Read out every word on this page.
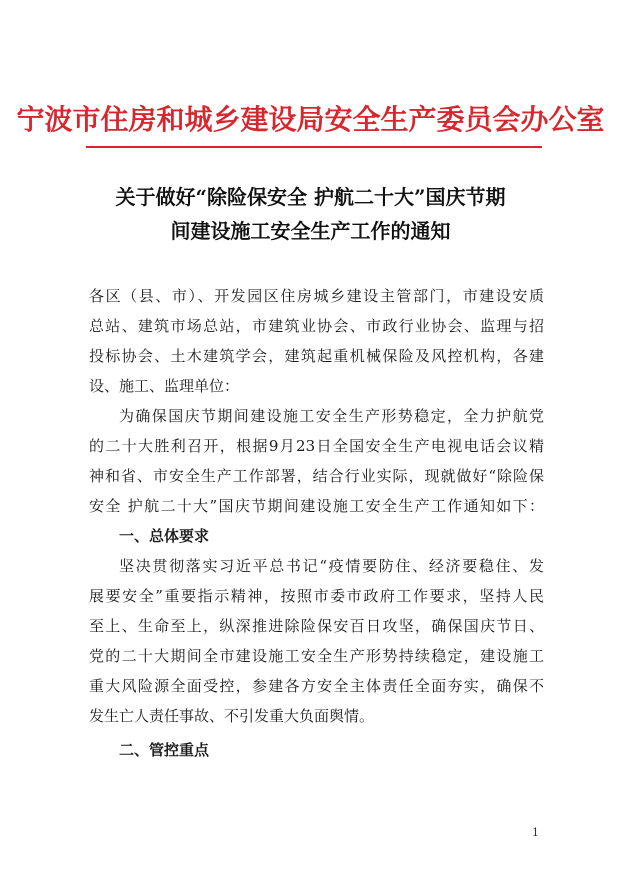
宁波市住房和城乡建设局安全生产委员会办公室
关于做好“除险保安全 护航二十大”国庆节期
间建设施工安全生产工作的通知
各区（县、市）、开发园区住房城乡建设主管部门，市建设安质
总站、建筑市场总站，市建筑业协会、市政行业协会、监理与招
投标协会、土木建筑学会，建筑起重机械保险及风控机构，各建
设、施工、监理单位：
为确保国庆节期间建设施工安全生产形势稳定，全力护航党
的二十大胜利召开，根据9月23日全国安全生产电视电话会议精
神和省、市安全生产工作部署，结合行业实际，现就做好“除险保
安全 护航二十大”国庆节期间建设施工安全生产工作通知如下：
一、总体要求
坚决贯彻落实习近平总书记“疫情要防住、经济要稳住、发
展要安全”重要指示精神，按照市委市政府工作要求，坚持人民
至上、生命至上，纵深推进除险保安百日攻坚，确保国庆节日、
党的二十大期间全市建设施工安全生产形势持续稳定，建设施工
重大风险源全面受控，参建各方安全主体责任全面夯实，确保不
发生亡人责任事故、不引发重大负面舆情。
二、管控重点
1
